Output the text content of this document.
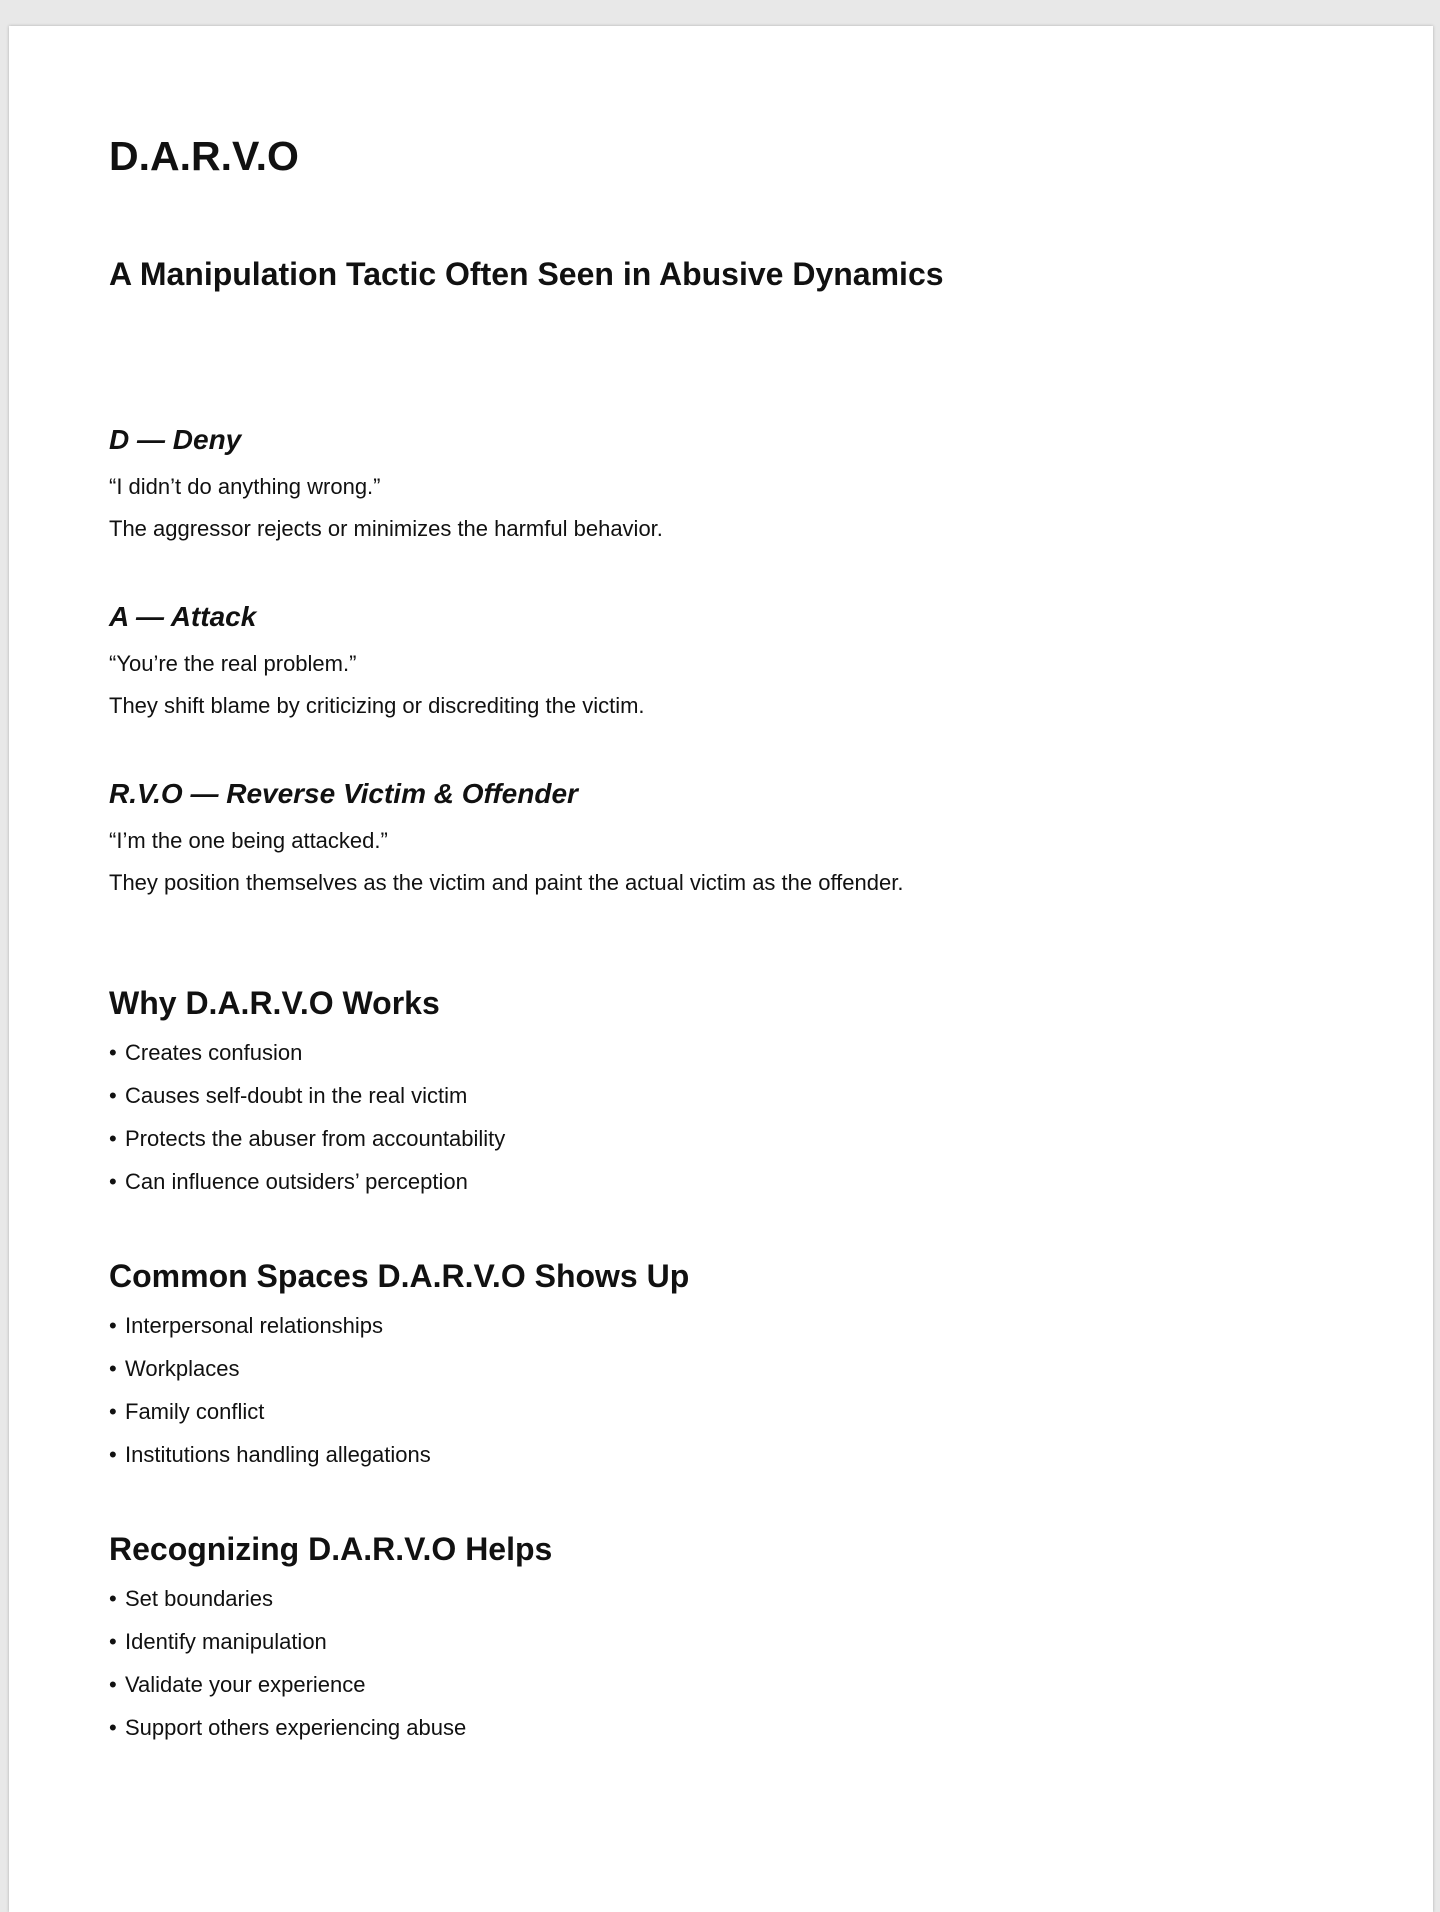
D.A.R.V.O
A Manipulation Tactic Often Seen in Abusive Dynamics
D — Deny

“I didn’t do anything wrong.”

The aggressor rejects or minimizes the harmful behavior.

A — Attack

“You’re the real problem.”

They shift blame by criticizing or discrediting the victim.

R.V.O — Reverse Victim & Offender

“I’m the one being attacked.”

They position themselves as the victim and paint the actual victim as the offender.

Why D.A.R.V.O Works
• Creates confusion
• Causes self-doubt in the real victim
• Protects the abuser from accountability
• Can influence outsiders’ perception
Common Spaces D.A.R.V.O Shows Up
• Interpersonal relationships
• Workplaces
• Family conflict
• Institutions handling allegations
Recognizing D.A.R.V.O Helps
• Set boundaries
• Identify manipulation
• Validate your experience
• Support others experiencing abuse
